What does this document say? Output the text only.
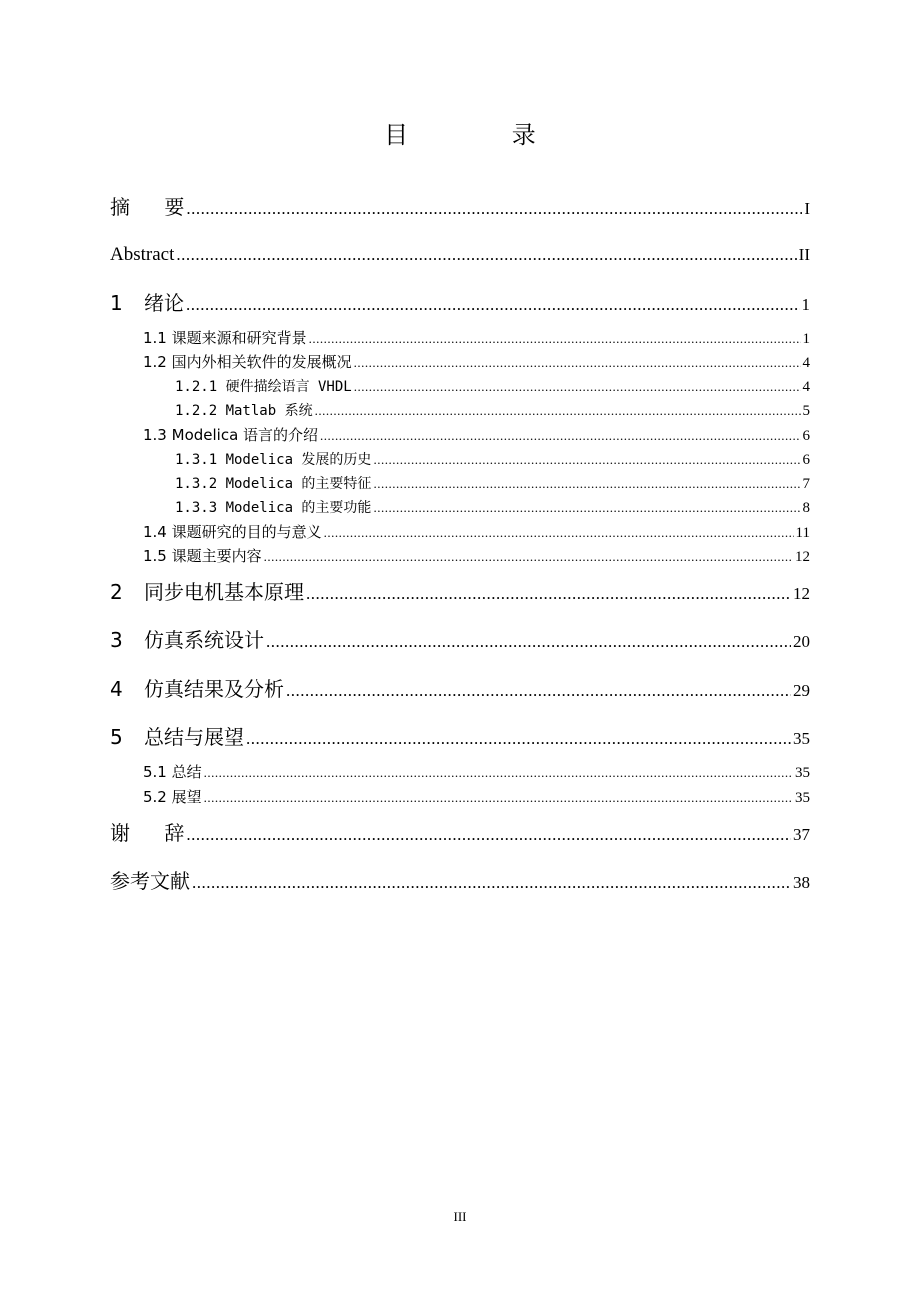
目 录
摘 要 .....	I
Abstract .....	II
1 绪论 .....	1
1.1 课题来源和研究背景 .....	1
1.2 国内外相关软件的发展概况 .....	4
1.2.1 硬件描绘语言 VHDL .....	4
1.2.2 Matlab 系统 .....	5
1.3 Modelica 语言的介绍 .....	6
1.3.1 Modelica 发展的历史 .....	6
1.3.2 Modelica 的主要特征 .....	7
1.3.3 Modelica 的主要功能 .....	8
1.4 课题研究的目的与意义 .....	11
1.5 课题主要内容 .....	12
2 同步电机基本原理 .....	12
3 仿真系统设计 .....	20
4 仿真结果及分析 .....	29
5 总结与展望 .....	35
5.1 总结 .....	35
5.2 展望 .....	35
谢 辞 .....	37
参考文献 .....	38
III
